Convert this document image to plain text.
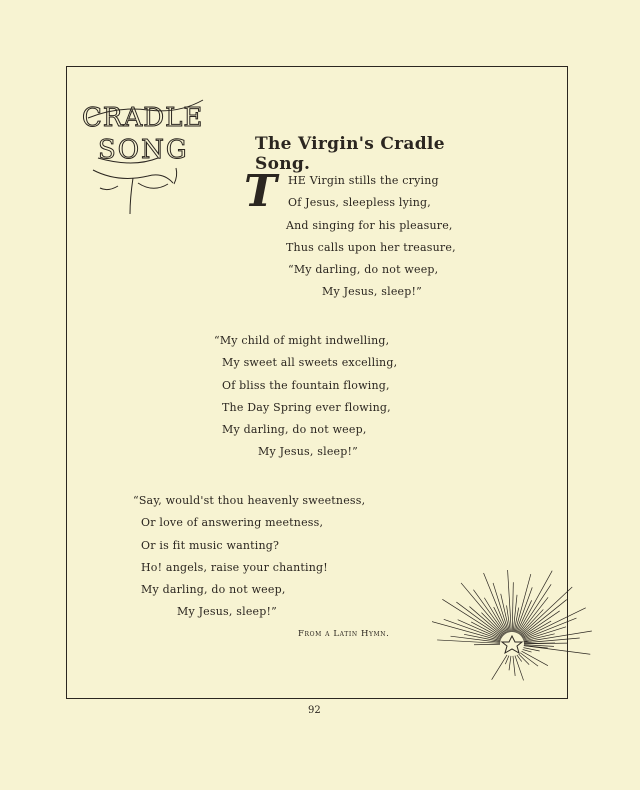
CRADLE
SONG	The Virgin's Cradle Song.
T HE Virgin stills the crying
Of Jesus, sleepless lying,
And singing for his pleasure,
Thus calls upon her treasure,
“My darling, do not weep,
My Jesus, sleep!”
“My child of might indwelling,
My sweet all sweets excelling,
Of bliss the fountain flowing,
The Day Spring ever flowing,
My darling, do not weep,
My Jesus, sleep!”
“Say, would'st thou heavenly sweetness,
Or love of answering meetness,
Or is fit music wanting?
Ho! angels, raise your chanting!
My darling, do not weep,
My Jesus, sleep!”
From a Latin Hymn.
92
